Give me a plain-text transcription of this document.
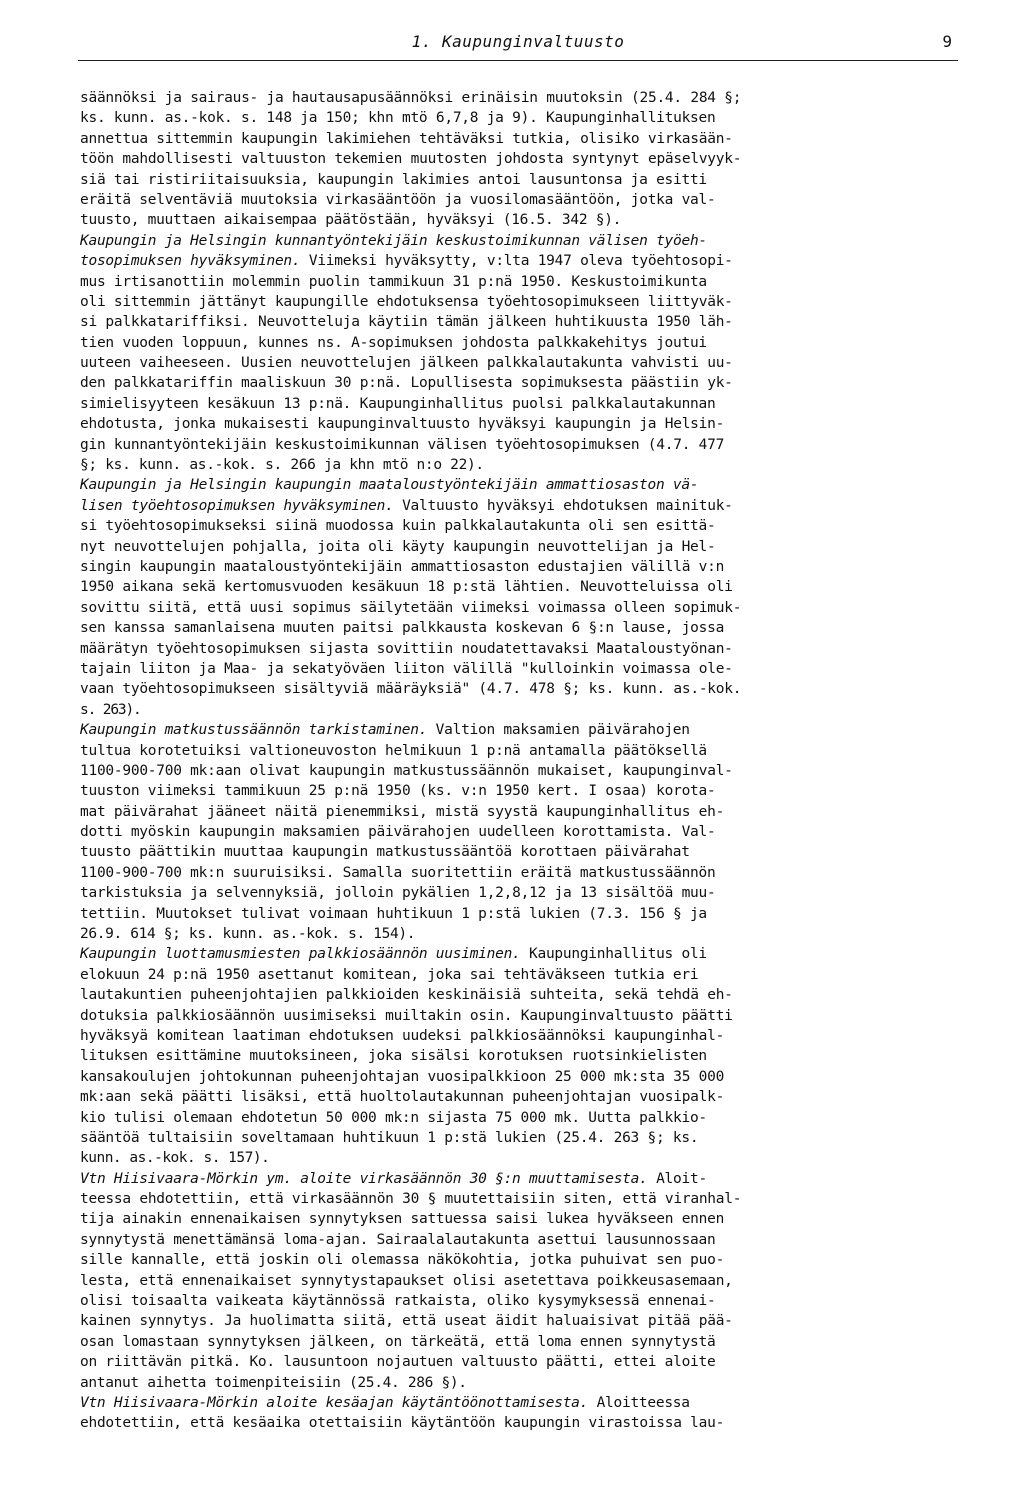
1. Kaupunginvaltuusto	9
säännöksi ja sairaus- ja hautausapusäännöksi erinäisin muutoksin (25.4. 284 §;
ks. kunn. as.-kok. s. 148 ja 150; khn mtö 6,7,8 ja 9). Kaupunginhallituksen
annettua sittemmin kaupungin lakimiehen tehtäväksi tutkia, olisiko virkasään-
töön mahdollisesti valtuuston tekemien muutosten johdosta syntynyt epäselvyyk-
siä tai ristiriitaisuuksia, kaupungin lakimies antoi lausuntonsa ja esitti
eräitä selventäviä muutoksia virkasääntöön ja vuosilomasääntöön, jotka val-
tuusto, muuttaen aikaisempaa päätöstään, hyväksyi (16.5. 342 §).
Kaupungin ja Helsingin kunnantyöntekijäin keskustoimikunnan välisen työeh-
tosopimuksen hyväksyminen. Viimeksi hyväksytty, v:lta 1947 oleva työehtosopi-
mus irtisanottiin molemmin puolin tammikuun 31 p:nä 1950. Keskustoimikunta
oli sittemmin jättänyt kaupungille ehdotuksensa työehtosopimukseen liittyväk-
si palkkatariffiksi. Neuvotteluja käytiin tämän jälkeen huhtikuusta 1950 läh-
tien vuoden loppuun, kunnes ns. A-sopimuksen johdosta palkkakehitys joutui
uuteen vaiheeseen. Uusien neuvottelujen jälkeen palkkalautakunta vahvisti uu-
den palkkatariffin maaliskuun 30 p:nä. Lopullisesta sopimuksesta päästiin yk-
simielisyyteen kesäkuun 13 p:nä. Kaupunginhallitus puolsi palkkalautakunnan
ehdotusta, jonka mukaisesti kaupunginvaltuusto hyväksyi kaupungin ja Helsin-
gin kunnantyöntekijäin keskustoimikunnan välisen työehtosopimuksen (4.7. 477
§; ks. kunn. as.-kok. s. 266 ja khn mtö n:o 22).
Kaupungin ja Helsingin kaupungin maataloustyöntekijäin ammattiosaston vä-
lisen työehtosopimuksen hyväksyminen. Valtuusto hyväksyi ehdotuksen mainituk-
si työehtosopimukseksi siinä muodossa kuin palkkalautakunta oli sen esittä-
nyt neuvottelujen pohjalla, joita oli käyty kaupungin neuvottelijan ja Hel-
singin kaupungin maataloustyöntekijäin ammattiosaston edustajien välillä v:n
1950 aikana sekä kertomusvuoden kesäkuun 18 p:stä lähtien. Neuvotteluissa oli
sovittu siitä, että uusi sopimus säilytetään viimeksi voimassa olleen sopimuk-
sen kanssa samanlaisena muuten paitsi palkkausta koskevan 6 §:n lause, jossa
määrätyn työehtosopimuksen sijasta sovittiin noudatettavaksi Maataloustyönan-
tajain liiton ja Maa- ja sekatyöväen liiton välillä "kulloinkin voimassa ole-
vaan työehtosopimukseen sisältyviä määräyksiä" (4.7. 478 §; ks. kunn. as.-kok.
s. 263).
Kaupungin matkustussäännön tarkistaminen. Valtion maksamien päivärahojen
tultua korotetuiksi valtioneuvoston helmikuun 1 p:nä antamalla päätöksellä
1100-900-700 mk:aan olivat kaupungin matkustussäännön mukaiset, kaupunginval-
tuuston viimeksi tammikuun 25 p:nä 1950 (ks. v:n 1950 kert. I osaa) korota-
mat päivärahat jääneet näitä pienemmiksi, mistä syystä kaupunginhallitus eh-
dotti myöskin kaupungin maksamien päivärahojen uudelleen korottamista. Val-
tuusto päättikin muuttaa kaupungin matkustussääntöä korottaen päivärahat
1100-900-700 mk:n suuruisiksi. Samalla suoritettiin eräitä matkustussäännön
tarkistuksia ja selvennyksiä, jolloin pykälien 1,2,8,12 ja 13 sisältöä muu-
tettiin. Muutokset tulivat voimaan huhtikuun 1 p:stä lukien (7.3. 156 § ja
26.9. 614 §; ks. kunn. as.-kok. s. 154).
Kaupungin luottamusmiesten palkkiosäännön uusiminen. Kaupunginhallitus oli
elokuun 24 p:nä 1950 asettanut komitean, joka sai tehtäväkseen tutkia eri
lautakuntien puheenjohtajien palkkioiden keskinäisiä suhteita, sekä tehdä eh-
dotuksia palkkiosäännön uusimiseksi muiltakin osin. Kaupunginvaltuusto päätti
hyväksyä komitean laatiman ehdotuksen uudeksi palkkiosäännöksi kaupunginhal-
lituksen esittämine muutoksineen, joka sisälsi korotuksen ruotsinkielisten
kansakoulujen johtokunnan puheenjohtajan vuosipalkkioon 25 000 mk:sta 35 000
mk:aan sekä päätti lisäksi, että huoltolautakunnan puheenjohtajan vuosipalk-
kio tulisi olemaan ehdotetun 50 000 mk:n sijasta 75 000 mk. Uutta palkkio-
sääntöä tultaisiin soveltamaan huhtikuun 1 p:stä lukien (25.4. 263 §; ks.
kunn. as.-kok. s. 157).
Vtn Hiisivaara-Mörkin ym. aloite virkasäännön 30 §:n muuttamisesta. Aloit-
teessa ehdotettiin, että virkasäännön 30 § muutettaisiin siten, että viranhal-
tija ainakin ennenaikaisen synnytyksen sattuessa saisi lukea hyväkseen ennen
synnytystä menettämänsä loma-ajan. Sairaalalautakunta asettui lausunnossaan
sille kannalle, että joskin oli olemassa näkökohtia, jotka puhuivat sen puo-
lesta, että ennenaikaiset synnytystapaukset olisi asetettava poikkeusasemaan,
olisi toisaalta vaikeata käytännössä ratkaista, oliko kysymyksessä ennenai-
kainen synnytys. Ja huolimatta siitä, että useat äidit haluaisivat pitää pää-
osan lomastaan synnytyksen jälkeen, on tärkeätä, että loma ennen synnytystä
on riittävän pitkä. Ko. lausuntoon nojautuen valtuusto päätti, ettei aloite
antanut aihetta toimenpiteisiin (25.4. 286 §).
Vtn Hiisivaara-Mörkin aloite kesäajan käytäntöönottamisesta. Aloitteessa
ehdotettiin, että kesäaika otettaisiin käytäntöön kaupungin virastoissa lau-
